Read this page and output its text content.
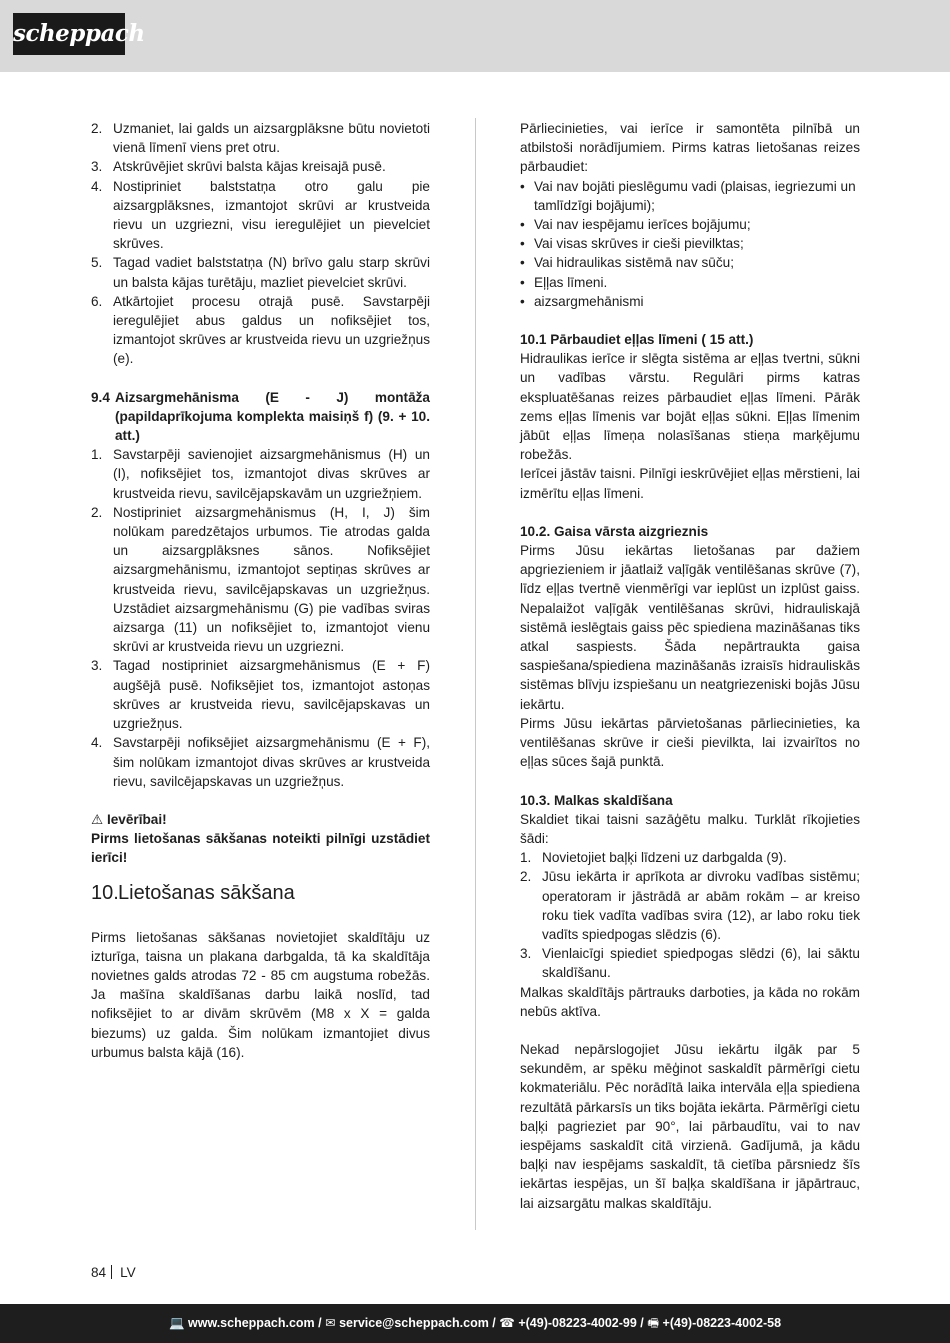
scheppach
2. Uzmaniet, lai galds un aizsargplāksne būtu novietoti vienā līmenī viens pret otru.
3. Atskrūvējiet skrūvi balsta kājas kreisajā pusē.
4. Nostipriniet balststatņa otro galu pie aizsargplāksnes, izmantojot skrūvi ar krustveida rievu un uzgriezni, visu ieregulējiet un pievelciet skrūves.
5. Tagad vadiet balststatņa (N) brīvo galu starp skrūvi un balsta kājas turētāju, mazliet pievelciet skrūvi.
6. Atkārtojiet procesu otrajā pusē. Savstarpēji ieregulējiet abus galdus un nofiksējiet tos, izmantojot skrūves ar krustveida rievu un uzgriežņus (e).
9.4 Aizsargmehānisma (E - J) montāža (papildaprīkojuma komplekta maisiņš f) (9. + 10. att.)
1. Savstarpēji savienojiet aizsargmehānismus (H) un (I), nofiksējiet tos, izmantojot divas skrūves ar krustveida rievu, savilcējapskavām un uzgriežņiem.
2. Nostipriniet aizsargmehānismus (H, I, J) šim nolūkam paredzētajos urbumos. Tie atrodas galda un aizsargplāksnes sānos. Nofiksējiet aizsargmehānismu, izmantojot septiņas skrūves ar krustveida rievu, savilcējapskavas un uzgriežņus. Uzstādiet aizsargmehānismu (G) pie vadības sviras aizsarga (11) un nofiksējiet to, izmantojot vienu skrūvi ar krustveida rievu un uzgriezni.
3. Tagad nostipriniet aizsargmehānismus (E + F) augšējā pusē. Nofiksējiet tos, izmantojot astoņas skrūves ar krustveida rievu, savilcējapskavas un uzgriežņus.
4. Savstarpēji nofiksējiet aizsargmehānismu (E + F), šim nolūkam izmantojot divas skrūves ar krustveida rievu, savilcējapskavas un uzgriežņus.
⚠ Ievērībai!
Pirms lietošanas sākšanas noteikti pilnīgi uzstādiet ierīci!
10.Lietošanas sākšana
Pirms lietošanas sākšanas novietojiet skaldītāju uz izturīga, taisna un plakana darbgalda, tā ka skaldītāja novietnes galds atrodas 72 - 85 cm augstuma robežās. Ja mašīna skaldīšanas darbu laikā noslīd, tad nofiksējiet to ar divām skrūvēm (M8 x X = galda biezums) uz galda. Šim nolūkam izmantojiet divus urbumus balsta kājā (16).
Pārliecinieties, vai ierīce ir samontēta pilnībā un atbilstoši norādījumiem. Pirms katras lietošanas reizes pārbaudiet:
• Vai nav bojāti pieslēgumu vadi (plaisas, iegriezumi un tamlīdzīgi bojājumi);
• Vai nav iespējamu ierīces bojājumu;
• Vai visas skrūves ir cieši pievilktas;
• Vai hidraulikas sistēmā nav sūču;
• Eļļas līmeni.
• aizsargmehānismi
10.1 Pārbaudiet eļļas līmeni ( 15 att.)
Hidraulikas ierīce ir slēgta sistēma ar eļļas tvertni, sūkni un vadības vārstu. Regulāri pirms katras ekspluatēšanas reizes pārbaudiet eļļas līmeni. Pārāk zems eļļas līmenis var bojāt eļļas sūkni. Eļļas līmenim jābūt eļļas līmeņa nolasīšanas stieņa marķējumu robežās.
Ierīcei jāstāv taisni. Pilnīgi ieskrūvējiet eļļas mērstieni, lai izmērītu eļļas līmeni.
10.2. Gaisa vārsta aizgrieznis
Pirms Jūsu iekārtas lietošanas par dažiem apgriezieniem ir jāatlaiž vaļīgāk ventilēšanas skrūve (7), līdz eļļas tvertnē vienmērīgi var ieplūst un izplūst gaiss. Nepalaižot vaļīgāk ventilēšanas skrūvi, hidrauliskajā sistēmā ieslēgtais gaiss pēc spiediena mazināšanas tiks atkal saspiests. Šāda nepārtraukta gaisa saspiešana/spiediena mazināšanās izraisīs hidrauliskās sistēmas blīvju izspiešanu un neatgriezeniski bojās Jūsu iekārtu.
Pirms Jūsu iekārtas pārvietošanas pārliecinieties, ka ventilēšanas skrūve ir cieši pievilkta, lai izvairītos no eļļas sūces šajā punktā.
10.3. Malkas skaldīšana
Skaldiet tikai taisni sazāģētu malku. Turklāt rīkojieties šādi:
1. Novietojiet baļķi līdzeni uz darbgalda (9).
2. Jūsu iekārta ir aprīkota ar divroku vadības sistēmu; operatoram ir jāstrādā ar abām rokām – ar kreiso roku tiek vadīta vadības svira (12), ar labo roku tiek vadīts spiedpogas slēdzis (6).
3. Vienlaicīgi spiediet spiedpogas slēdzi (6), lai sāktu skaldīšanu.
Malkas skaldītājs pārtrauks darboties, ja kāda no rokām nebūs aktīva.
Nekad nepārslogojiet Jūsu iekārtu ilgāk par 5 sekundēm, ar spēku mēģinot saskaldīt pārmērīgi cietu kokmateriālu. Pēc norādītā laika intervāla eļļa spiediena rezultātā pārkarsīs un tiks bojāta iekārta. Pārmērīgi cietu baļķi pagrieziet par 90°, lai pārbaudītu, vai to nav iespējams saskaldīt citā virzienā. Gadījumā, ja kādu baļķi nav iespējams saskaldīt, tā cietība pārsniedz šīs iekārtas iespējas, un šī baļķa skaldīšana ir jāpārtrauc, lai aizsargātu malkas skaldītāju.
84 LV
💻 www.scheppach.com / ✉ service@scheppach.com / ☎ +(49)-08223-4002-99 / 🖷 +(49)-08223-4002-58
